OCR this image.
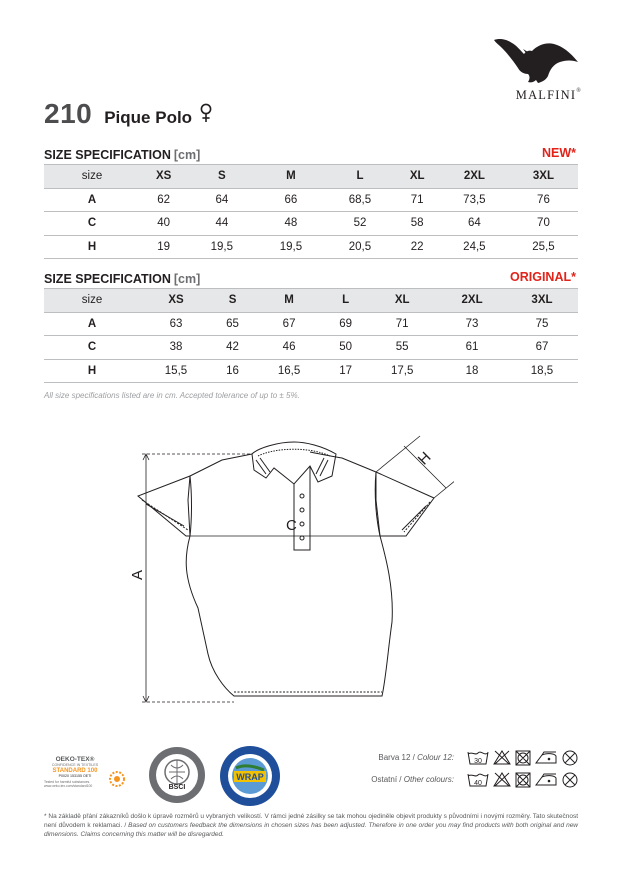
MALFINI®
210 Pique Polo
SIZE SPECIFICATION [cm]	NEW*
size	XS	S	M	L	XL	2XL	3XL
A	62	64	66	68,5	71	73,5	76
C	40	44	48	52	58	64	70
H	19	19,5	19,5	20,5	22	24,5	25,5
SIZE SPECIFICATION [cm]	ORIGINAL*
size	XS	S	M	L	XL	2XL	3XL
A	63	65	67	69	71	73	75
C	38	42	46	50	55	61	67
H	15,5	16	16,5	17	17,5	18	18,5
All size specifications listed are in cm. Accepted tolerance of up to ± 5%.
A
C
H
OEKO-TEX®
CONFIDENCE IN TEXTILES
STANDARD 100
P0020 153155 OETI
Tested for harmful substances.
www.oeko-tex.com/standard100	BSCI
WRAP
Barva 12 / Colour 12:	30
Ostatní / Other colours:	40
* Na základě přání zákazníků došlo k úpravě rozměrů u vybraných velikostí. V rámci jedné zásilky se tak mohou ojediněle objevit produkty s původními i novými rozměry. Tato skutečnost není důvodem k reklamaci. / Based on customers feedback the dimensions in chosen sizes has been adjusted. Therefore in one order you may find products with both original and new dimensions. Claims concerning this matter will be disregarded.
